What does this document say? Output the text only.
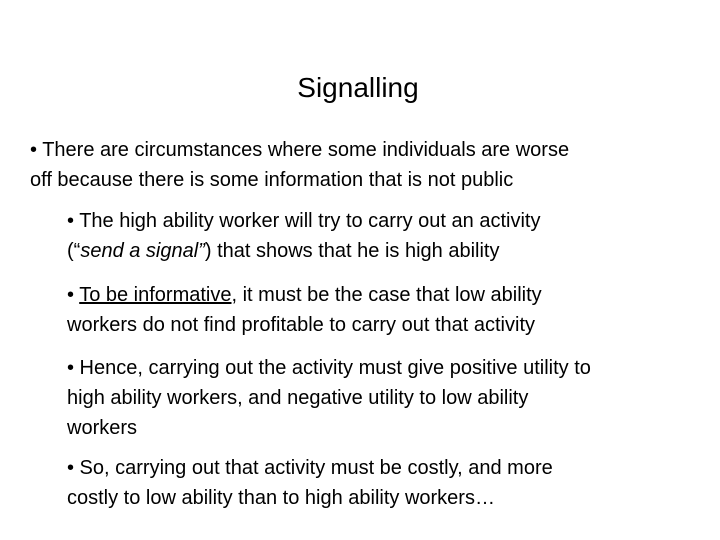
Signalling
• There are circumstances where some individuals are worse
off because there is some information that is not public
• The high ability worker will try to carry out an activity
(“send a signal”) that shows that he is high ability
• To be informative, it must be the case that low ability
workers do not find profitable to carry out that activity
• Hence, carrying out the activity must give positive utility to
high ability workers, and negative utility to low ability
workers
• So, carrying out that activity must be costly, and more
costly to low ability than to high ability workers…
